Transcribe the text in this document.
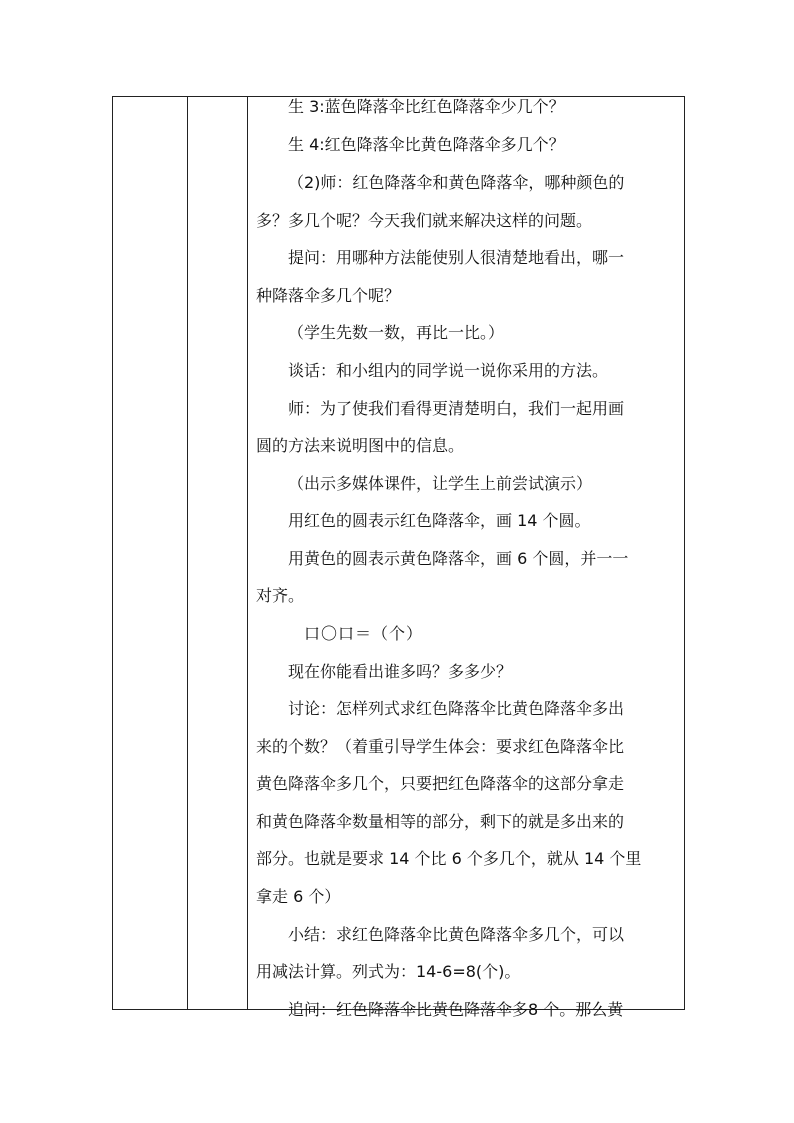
生 3:蓝色降落伞比红色降落伞少几个？
生 4:红色降落伞比黄色降落伞多几个？
（2)师：红色降落伞和黄色降落伞，哪种颜色的
多？多几个呢？今天我们就来解决这样的问题。
提问：用哪种方法能使别人很清楚地看出，哪一
种降落伞多几个呢？
（学生先数一数，再比一比。）
谈话：和小组内的同学说一说你采用的方法。
师：为了使我们看得更清楚明白，我们一起用画
圆的方法来说明图中的信息。
（出示多媒体课件，让学生上前尝试演示）
用红色的圆表示红色降落伞，画 14 个圆。
用黄色的圆表示黄色降落伞，画 6 个圆，并一一
对齐。
口〇口＝（个）
现在你能看出谁多吗？多多少？
讨论：怎样列式求红色降落伞比黄色降落伞多出
来的个数？（着重引导学生体会：要求红色降落伞比
黄色降落伞多几个，只要把红色降落伞的这部分拿走
和黄色降落伞数量相等的部分，剩下的就是多出来的
部分。也就是要求 14 个比 6 个多几个，就从 14 个里
拿走 6 个）
小结：求红色降落伞比黄色降落伞多几个，可以
用减法计算。列式为：14-6=8(个)。
追问：红色降落伞比黄色降落伞多8 个。那么黄
